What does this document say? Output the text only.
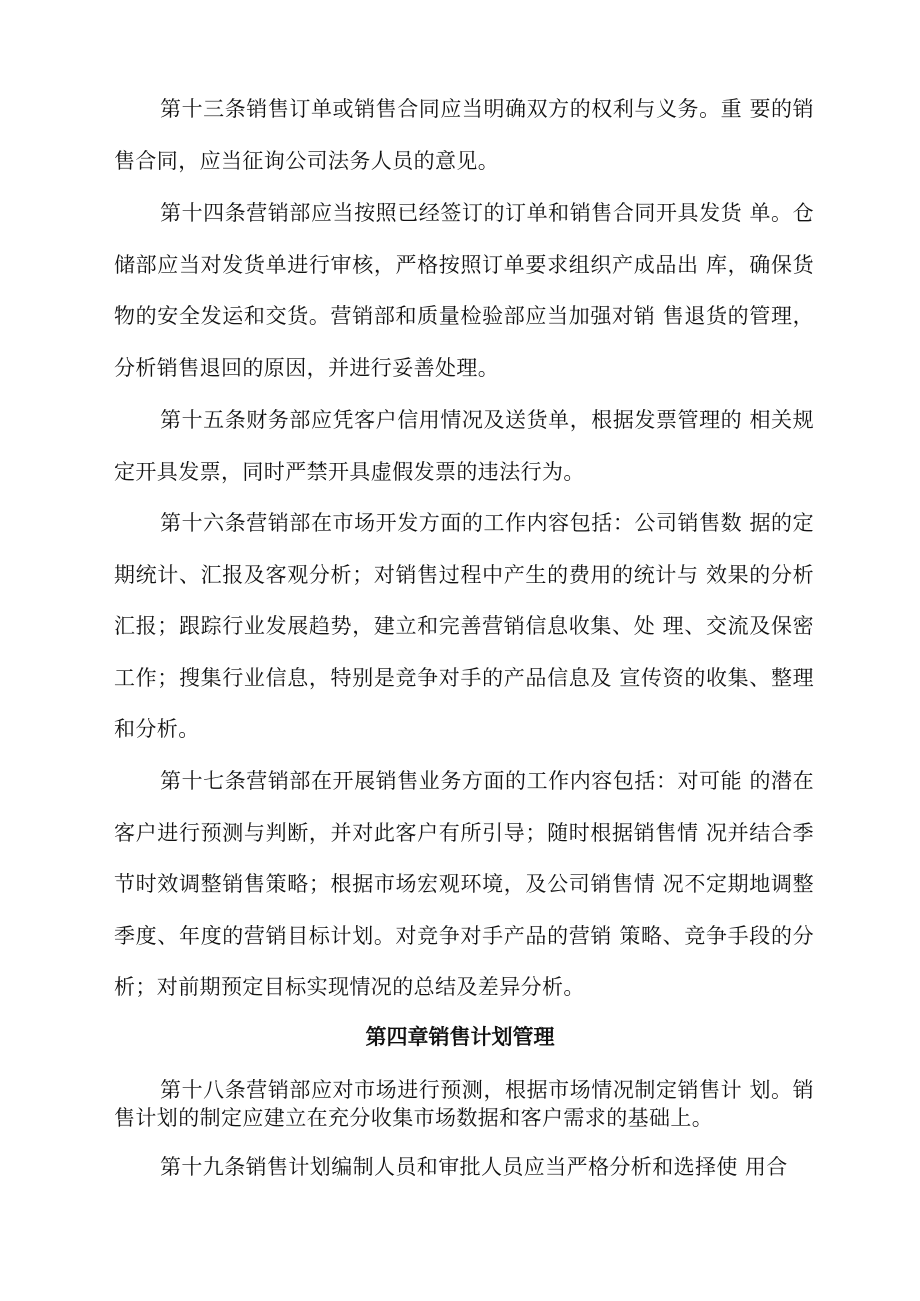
第十三条销售订单或销售合同应当明确双方的权利与义务。重 要的销售合同，应当征询公司法务人员的意见。

第十四条营销部应当按照已经签订的订单和销售合同开具发货 单。仓储部应当对发货单进行审核，严格按照订单要求组织产成品出 库，确保货物的安全发运和交货。营销部和质量检验部应当加强对销 售退货的管理，分析销售退回的原因，并进行妥善处理。

第十五条财务部应凭客户信用情况及送货单，根据发票管理的 相关规定开具发票，同时严禁开具虚假发票的违法行为。

第十六条营销部在市场开发方面的工作内容包括：公司销售数 据的定期统计、汇报及客观分析；对销售过程中产生的费用的统计与 效果的分析汇报；跟踪行业发展趋势，建立和完善营销信息收集、处 理、交流及保密工作；搜集行业信息，特别是竞争对手的产品信息及 宣传资的收集、整理和分析。

第十七条营销部在开展销售业务方面的工作内容包括：对可能 的潜在客户进行预测与判断，并对此客户有所引导；随时根据销售情 况并结合季节时效调整销售策略；根据市场宏观环境，及公司销售情 况不定期地调整季度、年度的营销目标计划。对竞争对手产品的营销 策略、竞争手段的分析；对前期预定目标实现情况的总结及差异分析。

第四章销售计划管理

第十八条营销部应对市场进行预测，根据市场情况制定销售计 划。销售计划的制定应建立在充分收集市场数据和客户需求的基础上。

第十九条销售计划编制人员和审批人员应当严格分析和选择使 用合
